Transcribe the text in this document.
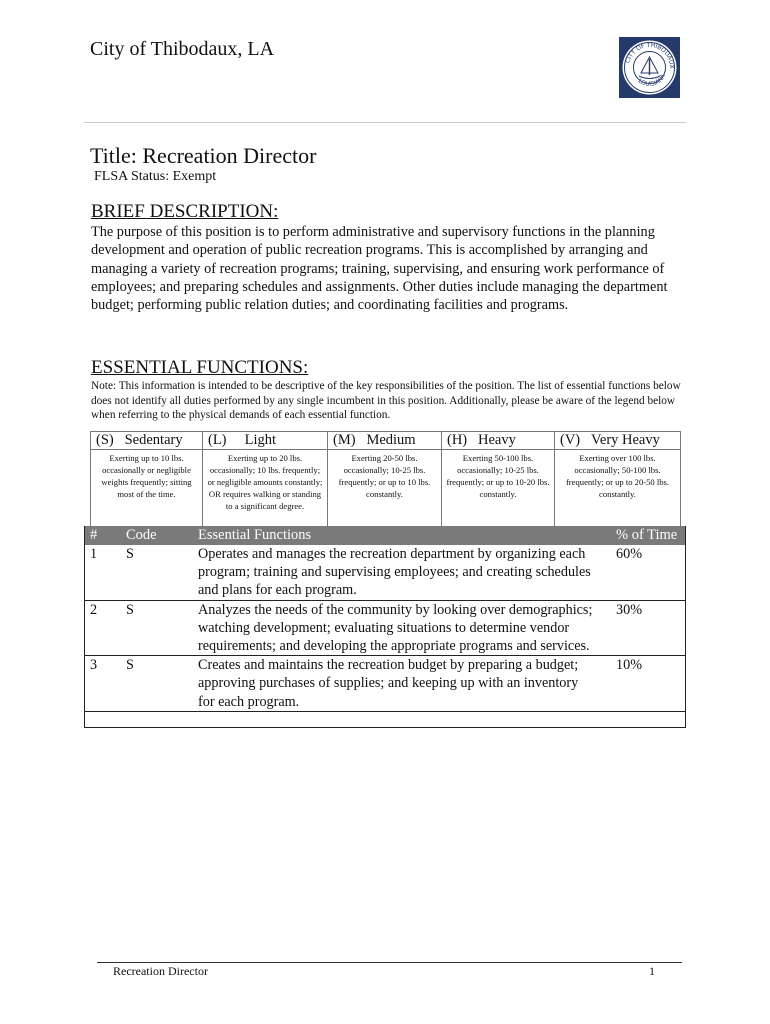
City of Thibodaux, LA
CITY OF THIBODAUX
LOUISIANA
Title: Recreation Director
FLSA Status: Exempt
BRIEF DESCRIPTION:
The purpose of this position is to perform administrative and supervisory functions in the planning development and operation of public recreation programs. This is accomplished by arranging and managing a variety of recreation programs; training, supervising, and ensuring work performance of employees; and preparing schedules and assignments. Other duties include managing the department budget; performing public relation duties; and coordinating facilities and programs.
ESSENTIAL FUNCTIONS:
Note: This information is intended to be descriptive of the key responsibilities of the position. The list of essential functions below does not identify all duties performed by any single incumbent in this position. Additionally, please be aware of the legend below when referring to the physical demands of each essential function.
(S) Sedentary	(L) Light	(M) Medium	(H) Heavy	(V) Very Heavy
Exerting up to 10 lbs. occasionally or negligible weights frequently; sitting most of the time.	Exerting up to 20 lbs. occasionally; 10 lbs. frequently; or negligible amounts constantly; OR requires walking or standing to a significant degree.	Exerting 20-50 lbs. occasionally; 10-25 lbs. frequently; or up to 10 lbs. constantly.	Exerting 50-100 lbs. occasionally; 10-25 lbs. frequently; or up to 10-20 lbs. constantly.	Exerting over 100 lbs. occasionally; 50-100 lbs. frequently; or up to 20-50 lbs. constantly.
#	Code	Essential Functions	% of Time
1	S	Operates and manages the recreation department by organizing each program; training and supervising employees; and creating schedules and plans for each program.	60%
2	S	Analyzes the needs of the community by looking over demographics; watching development; evaluating situations to determine vendor requirements; and developing the appropriate programs and services.	30%
3	S	Creates and maintains the recreation budget by preparing a budget; approving purchases of supplies; and keeping up with an inventory for each program.	10%
Recreation Director	1
